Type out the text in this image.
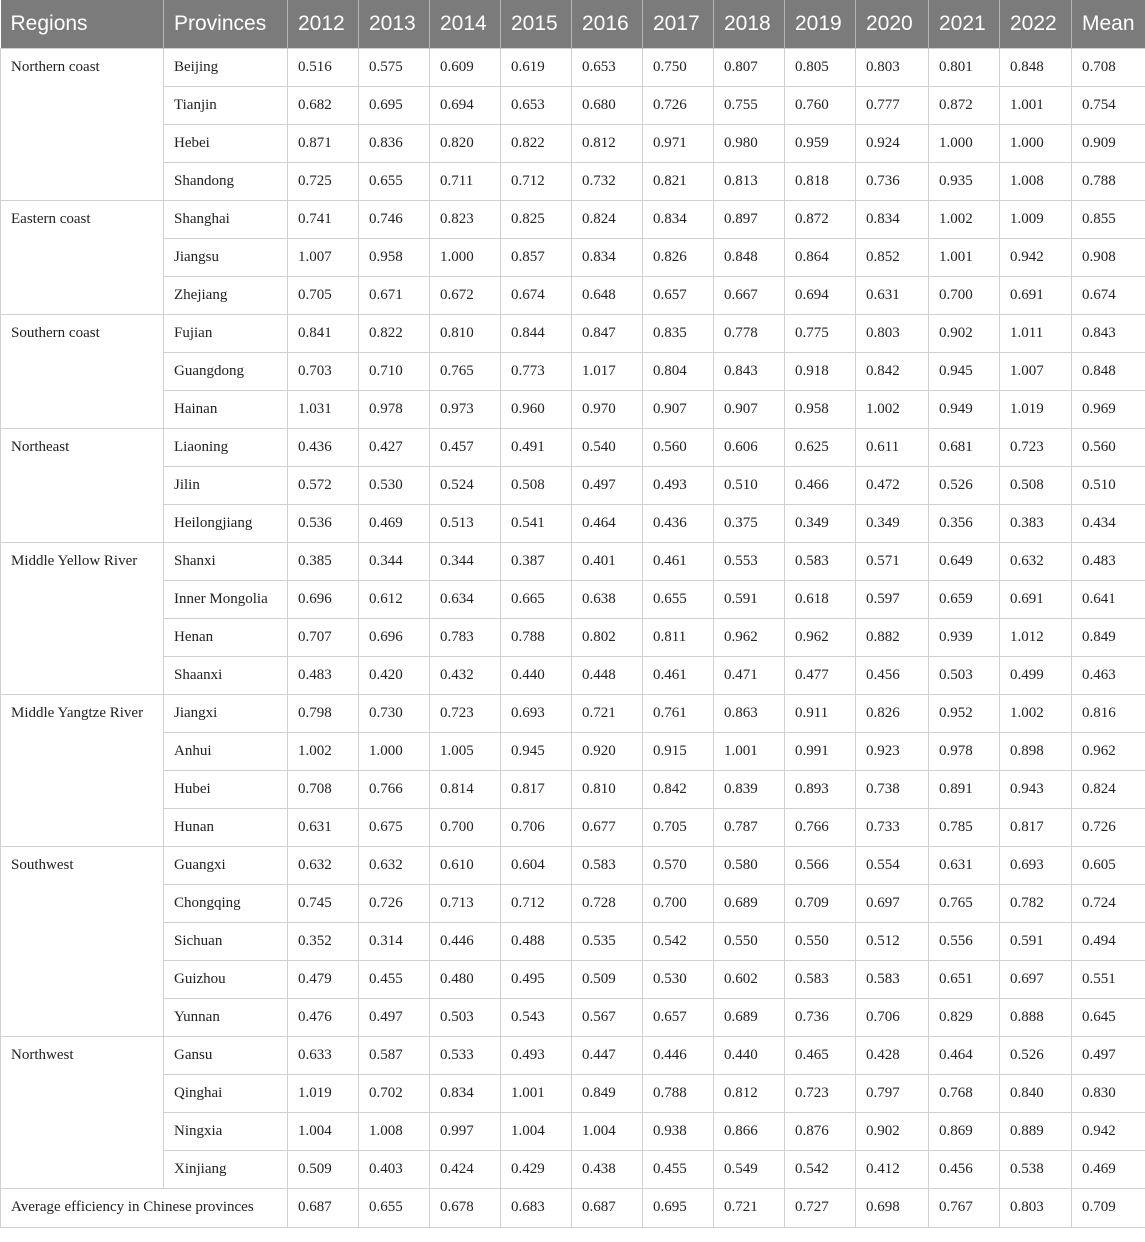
Regions	Provinces	2012	2013	2014	2015	2016	2017	2018	2019	2020	2021	2022	Mean
Northern coast	Beijing	0.516	0.575	0.609	0.619	0.653	0.750	0.807	0.805	0.803	0.801	0.848	0.708
	Tianjin	0.682	0.695	0.694	0.653	0.680	0.726	0.755	0.760	0.777	0.872	1.001	0.754
	Hebei	0.871	0.836	0.820	0.822	0.812	0.971	0.980	0.959	0.924	1.000	1.000	0.909
	Shandong	0.725	0.655	0.711	0.712	0.732	0.821	0.813	0.818	0.736	0.935	1.008	0.788
Eastern coast	Shanghai	0.741	0.746	0.823	0.825	0.824	0.834	0.897	0.872	0.834	1.002	1.009	0.855
	Jiangsu	1.007	0.958	1.000	0.857	0.834	0.826	0.848	0.864	0.852	1.001	0.942	0.908
	Zhejiang	0.705	0.671	0.672	0.674	0.648	0.657	0.667	0.694	0.631	0.700	0.691	0.674
Southern coast	Fujian	0.841	0.822	0.810	0.844	0.847	0.835	0.778	0.775	0.803	0.902	1.011	0.843
	Guangdong	0.703	0.710	0.765	0.773	1.017	0.804	0.843	0.918	0.842	0.945	1.007	0.848
	Hainan	1.031	0.978	0.973	0.960	0.970	0.907	0.907	0.958	1.002	0.949	1.019	0.969
Northeast	Liaoning	0.436	0.427	0.457	0.491	0.540	0.560	0.606	0.625	0.611	0.681	0.723	0.560
	Jilin	0.572	0.530	0.524	0.508	0.497	0.493	0.510	0.466	0.472	0.526	0.508	0.510
	Heilongjiang	0.536	0.469	0.513	0.541	0.464	0.436	0.375	0.349	0.349	0.356	0.383	0.434
Middle Yellow River	Shanxi	0.385	0.344	0.344	0.387	0.401	0.461	0.553	0.583	0.571	0.649	0.632	0.483
	Inner Mongolia	0.696	0.612	0.634	0.665	0.638	0.655	0.591	0.618	0.597	0.659	0.691	0.641
	Henan	0.707	0.696	0.783	0.788	0.802	0.811	0.962	0.962	0.882	0.939	1.012	0.849
	Shaanxi	0.483	0.420	0.432	0.440	0.448	0.461	0.471	0.477	0.456	0.503	0.499	0.463
Middle Yangtze River	Jiangxi	0.798	0.730	0.723	0.693	0.721	0.761	0.863	0.911	0.826	0.952	1.002	0.816
	Anhui	1.002	1.000	1.005	0.945	0.920	0.915	1.001	0.991	0.923	0.978	0.898	0.962
	Hubei	0.708	0.766	0.814	0.817	0.810	0.842	0.839	0.893	0.738	0.891	0.943	0.824
	Hunan	0.631	0.675	0.700	0.706	0.677	0.705	0.787	0.766	0.733	0.785	0.817	0.726
Southwest	Guangxi	0.632	0.632	0.610	0.604	0.583	0.570	0.580	0.566	0.554	0.631	0.693	0.605
	Chongqing	0.745	0.726	0.713	0.712	0.728	0.700	0.689	0.709	0.697	0.765	0.782	0.724
	Sichuan	0.352	0.314	0.446	0.488	0.535	0.542	0.550	0.550	0.512	0.556	0.591	0.494
	Guizhou	0.479	0.455	0.480	0.495	0.509	0.530	0.602	0.583	0.583	0.651	0.697	0.551
	Yunnan	0.476	0.497	0.503	0.543	0.567	0.657	0.689	0.736	0.706	0.829	0.888	0.645
Northwest	Gansu	0.633	0.587	0.533	0.493	0.447	0.446	0.440	0.465	0.428	0.464	0.526	0.497
	Qinghai	1.019	0.702	0.834	1.001	0.849	0.788	0.812	0.723	0.797	0.768	0.840	0.830
	Ningxia	1.004	1.008	0.997	1.004	1.004	0.938	0.866	0.876	0.902	0.869	0.889	0.942
	Xinjiang	0.509	0.403	0.424	0.429	0.438	0.455	0.549	0.542	0.412	0.456	0.538	0.469
Average efficiency in Chinese provinces		0.687	0.655	0.678	0.683	0.687	0.695	0.721	0.727	0.698	0.767	0.803	0.709
